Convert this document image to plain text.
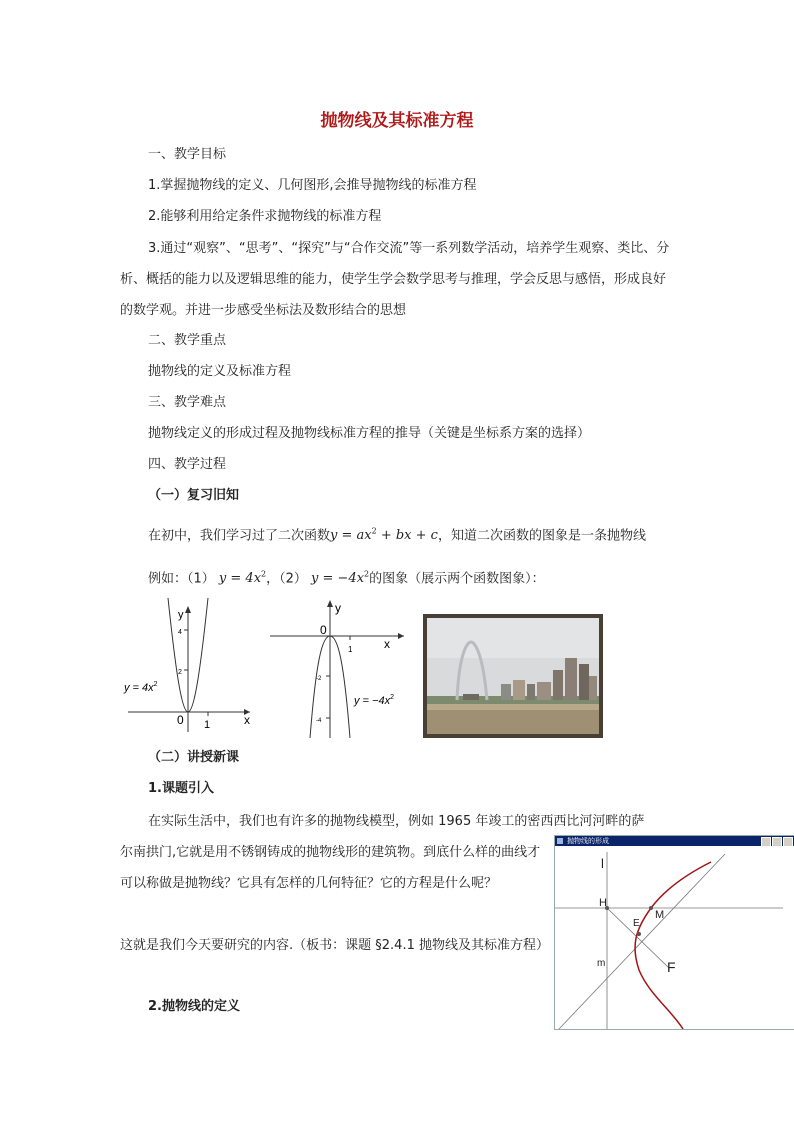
抛物线及其标准方程
一、教学目标
1.掌握抛物线的定义、几何图形,会推导抛物线的标准方程
2.能够利用给定条件求抛物线的标准方程
3.通过“观察”、“思考”、“探究”与“合作交流”等一系列数学活动，培养学生观察、类比、分析、概括的能力以及逻辑思维的能力，使学生学会数学思考与推理，学会反思与感悟，形成良好的数学观。并进一步感受坐标法及数形结合的思想
二、教学重点
抛物线的定义及标准方程
三、教学难点
抛物线定义的形成过程及抛物线标准方程的推导（关键是坐标系方案的选择）
四、教学过程
（一）复习旧知
在初中，我们学习过了二次函数$y = ax^2$ + bx + c，知道二次函数的图象是一条抛物线
例如：（1） $y = 4x^2$，（2） $y = -4x^2$的图象（展示两个函数图象）：
y
x
4
2
0 1
$y = 4x^2$
y
x
0
1
-2
-4
$y = -4x^2$
（二）讲授新课
1.课题引入
在实际生活中，我们也有许多的抛物线模型，例如 1965 年竣工的密西西比河河畔的萨
尔南拱门,它就是用不锈钢铸成的抛物线形的建筑物。到底什么样的曲线才可以称做是抛物线？它具有怎样的几何特征？它的方程是什么呢？
这就是我们今天要研究的内容.（板书：课题 §2.4.1 抛物线及其标准方程）
2.抛物线的定义
抛物线的形成
l
H
E
M
F
m
